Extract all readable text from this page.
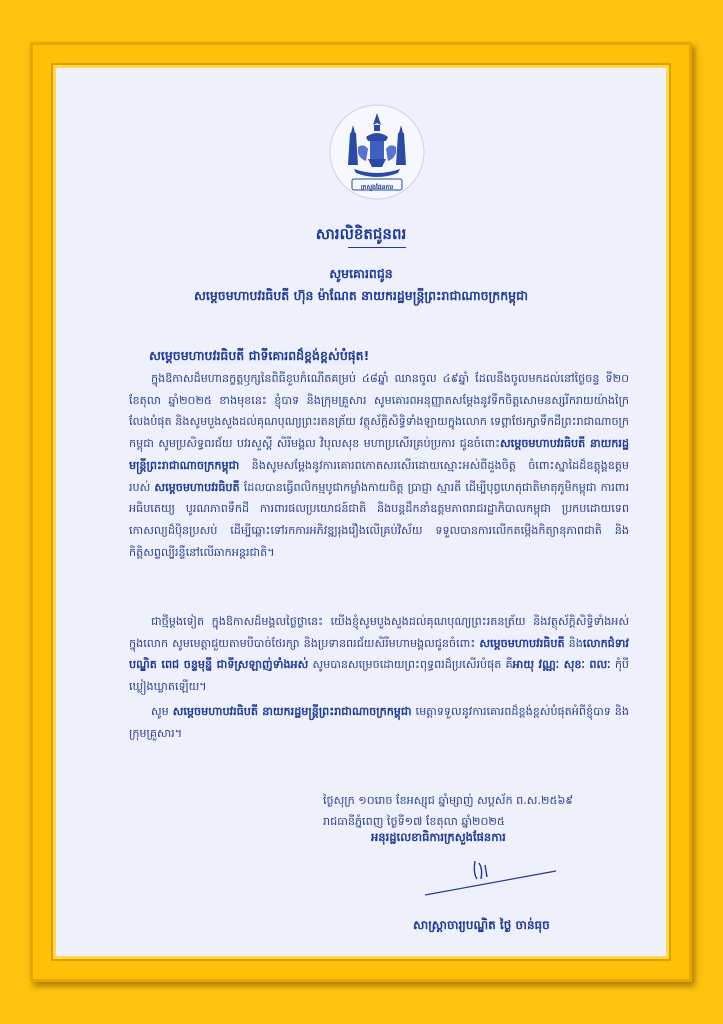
ក្រសួងផែនការ
សារលិខិតជូនពរ
សូមគោរពជូន
សម្ដេចមហាបវរធិបតី ហ៊ុន ម៉ាណែត នាយករដ្ឋមន្ត្រីព្រះរាជាណាចក្រកម្ពុជា
សម្ដេចមហាបវរធិបតី ជាទីគោរពដ៏ខ្ពង់ខ្ពស់បំផុត!
ក្នុងឱកាសដ៏មហានក្ខត្តឫក្សនៃពិធីខួបកំណើតគម្រប់ ៤៨ឆ្នាំ ឈានចូល ៤៩ឆ្នាំ ដែលនឹងចូលមកដល់នៅថ្ងៃចន្ទ ទី២០ ខែតុលា ឆ្នាំ២០២៥ ខាងមុខនេះ ខ្ញុំបាទ និងក្រុមគ្រួសារ សូមគោរពអនុញ្ញាតសម្ដែងនូវទឹកចិត្តសោមនស្សរីករាយយ៉ាងក្រៃលែងបំផុត និងសូមបួងសួងដល់គុណបុណ្យព្រះរតនត្រ័យ វត្ថុស័ក្ដិសិទ្ធិទាំងឡាយក្នុងលោក ទេព្ដាថែរក្សាទឹកដីព្រះរាជាណាចក្រកម្ពុជា សូមប្រសិទ្ធពរជ័យ បវរសួស្ដី សិរីមង្គល វិបុលសុខ មហាប្រសើរគ្រប់ប្រការ ជូនចំពោះសម្ដេចមហាបវរធិបតី នាយករដ្ឋមន្ត្រីព្រះរាជាណាចក្រកម្ពុជា និងសូមសម្ដែងនូវការគោរពកោតសរសើរដោយស្មោះអស់ពីដួងចិត្ត ចំពោះស្នាដៃដ៏ឧត្ដុង្គឧត្ដមរបស់ សម្ដេចមហាបវរធិបតី ដែលបានធ្វើពលិកម្មបូជាកម្លាំងកាយចិត្ត ប្រាជ្ញា ស្មារតី ដើម្បីបុព្វហេតុជាតិមាតុភូមិកម្ពុជា ការពារអធិបតេយ្យ បូរណភាពទឹកដី ការពារផលប្រយោជន៍ជាតិ និងបន្តដឹកនាំឧត្តមភាពរាជរដ្ឋាភិបាលកម្ពុជា ប្រកបដោយទេពកោសល្យដ៏ប៉ិនប្រសប់ ដើម្បីឆ្ពោះទៅរកការអភិវឌ្ឍរុងរឿងលើគ្រប់វិស័យ ទទួលបានការលើកតម្កើងកិត្យានុភាពជាតិ និងកិត្តិសព្ទល្បីរន្ទឺនៅលើឆាកអន្តរជាតិ។
ជាថ្មីម្ដងទៀត ក្នុងឱកាសដ៏មង្គលថ្លៃថ្លានេះ យើងខ្ញុំសូមបួងសួងដល់គុណបុណ្យព្រះរតនត្រ័យ និងវត្ថុស័ក្ដិសិទ្ធិទាំងអស់ក្នុងលោក សូមមេត្តាជួយតាមបីបាច់ថែរក្សា និងប្រទានពរជ័យសិរីមហាមង្គលជូនចំពោះ សម្ដេចមហាបវរធិបតី និងលោកជំទាវបណ្ឌិត ពេជ ចន្ទមុន្នី ជាទីស្រឡាញ់ទាំងអស់ សូមបានសម្រេចដោយព្រះពុទ្ធពរដ៏ប្រសើរបំផុត គឺអាយុ វណ្ណៈ សុខៈ ពលៈ កុំបីឃ្លៀងឃ្លាតឡើយ។
សូម សម្ដេចមហាបវរធិបតី នាយករដ្ឋមន្ត្រីព្រះរាជាណាចក្រកម្ពុជា មេត្តាទទួលនូវការគោរពដ៏ខ្ពង់ខ្ពស់បំផុតអំពីខ្ញុំបាទ និងក្រុមគ្រួសារ។
ថ្ងៃសុក្រ ១០រោច ខែអស្សុជ ឆ្នាំម្សាញ់ សប្តស័ក ព.ស.២៥៦៩
រាជធានីភ្នំពេញ ថ្ងៃទី១៧ ខែតុលា ឆ្នាំ២០២៥
អនុរដ្ឋលេខាធិការក្រសួងផែនការ
សាស្ត្រាចារ្យបណ្ឌិត ថ្ងៃ ចាន់ធុច
